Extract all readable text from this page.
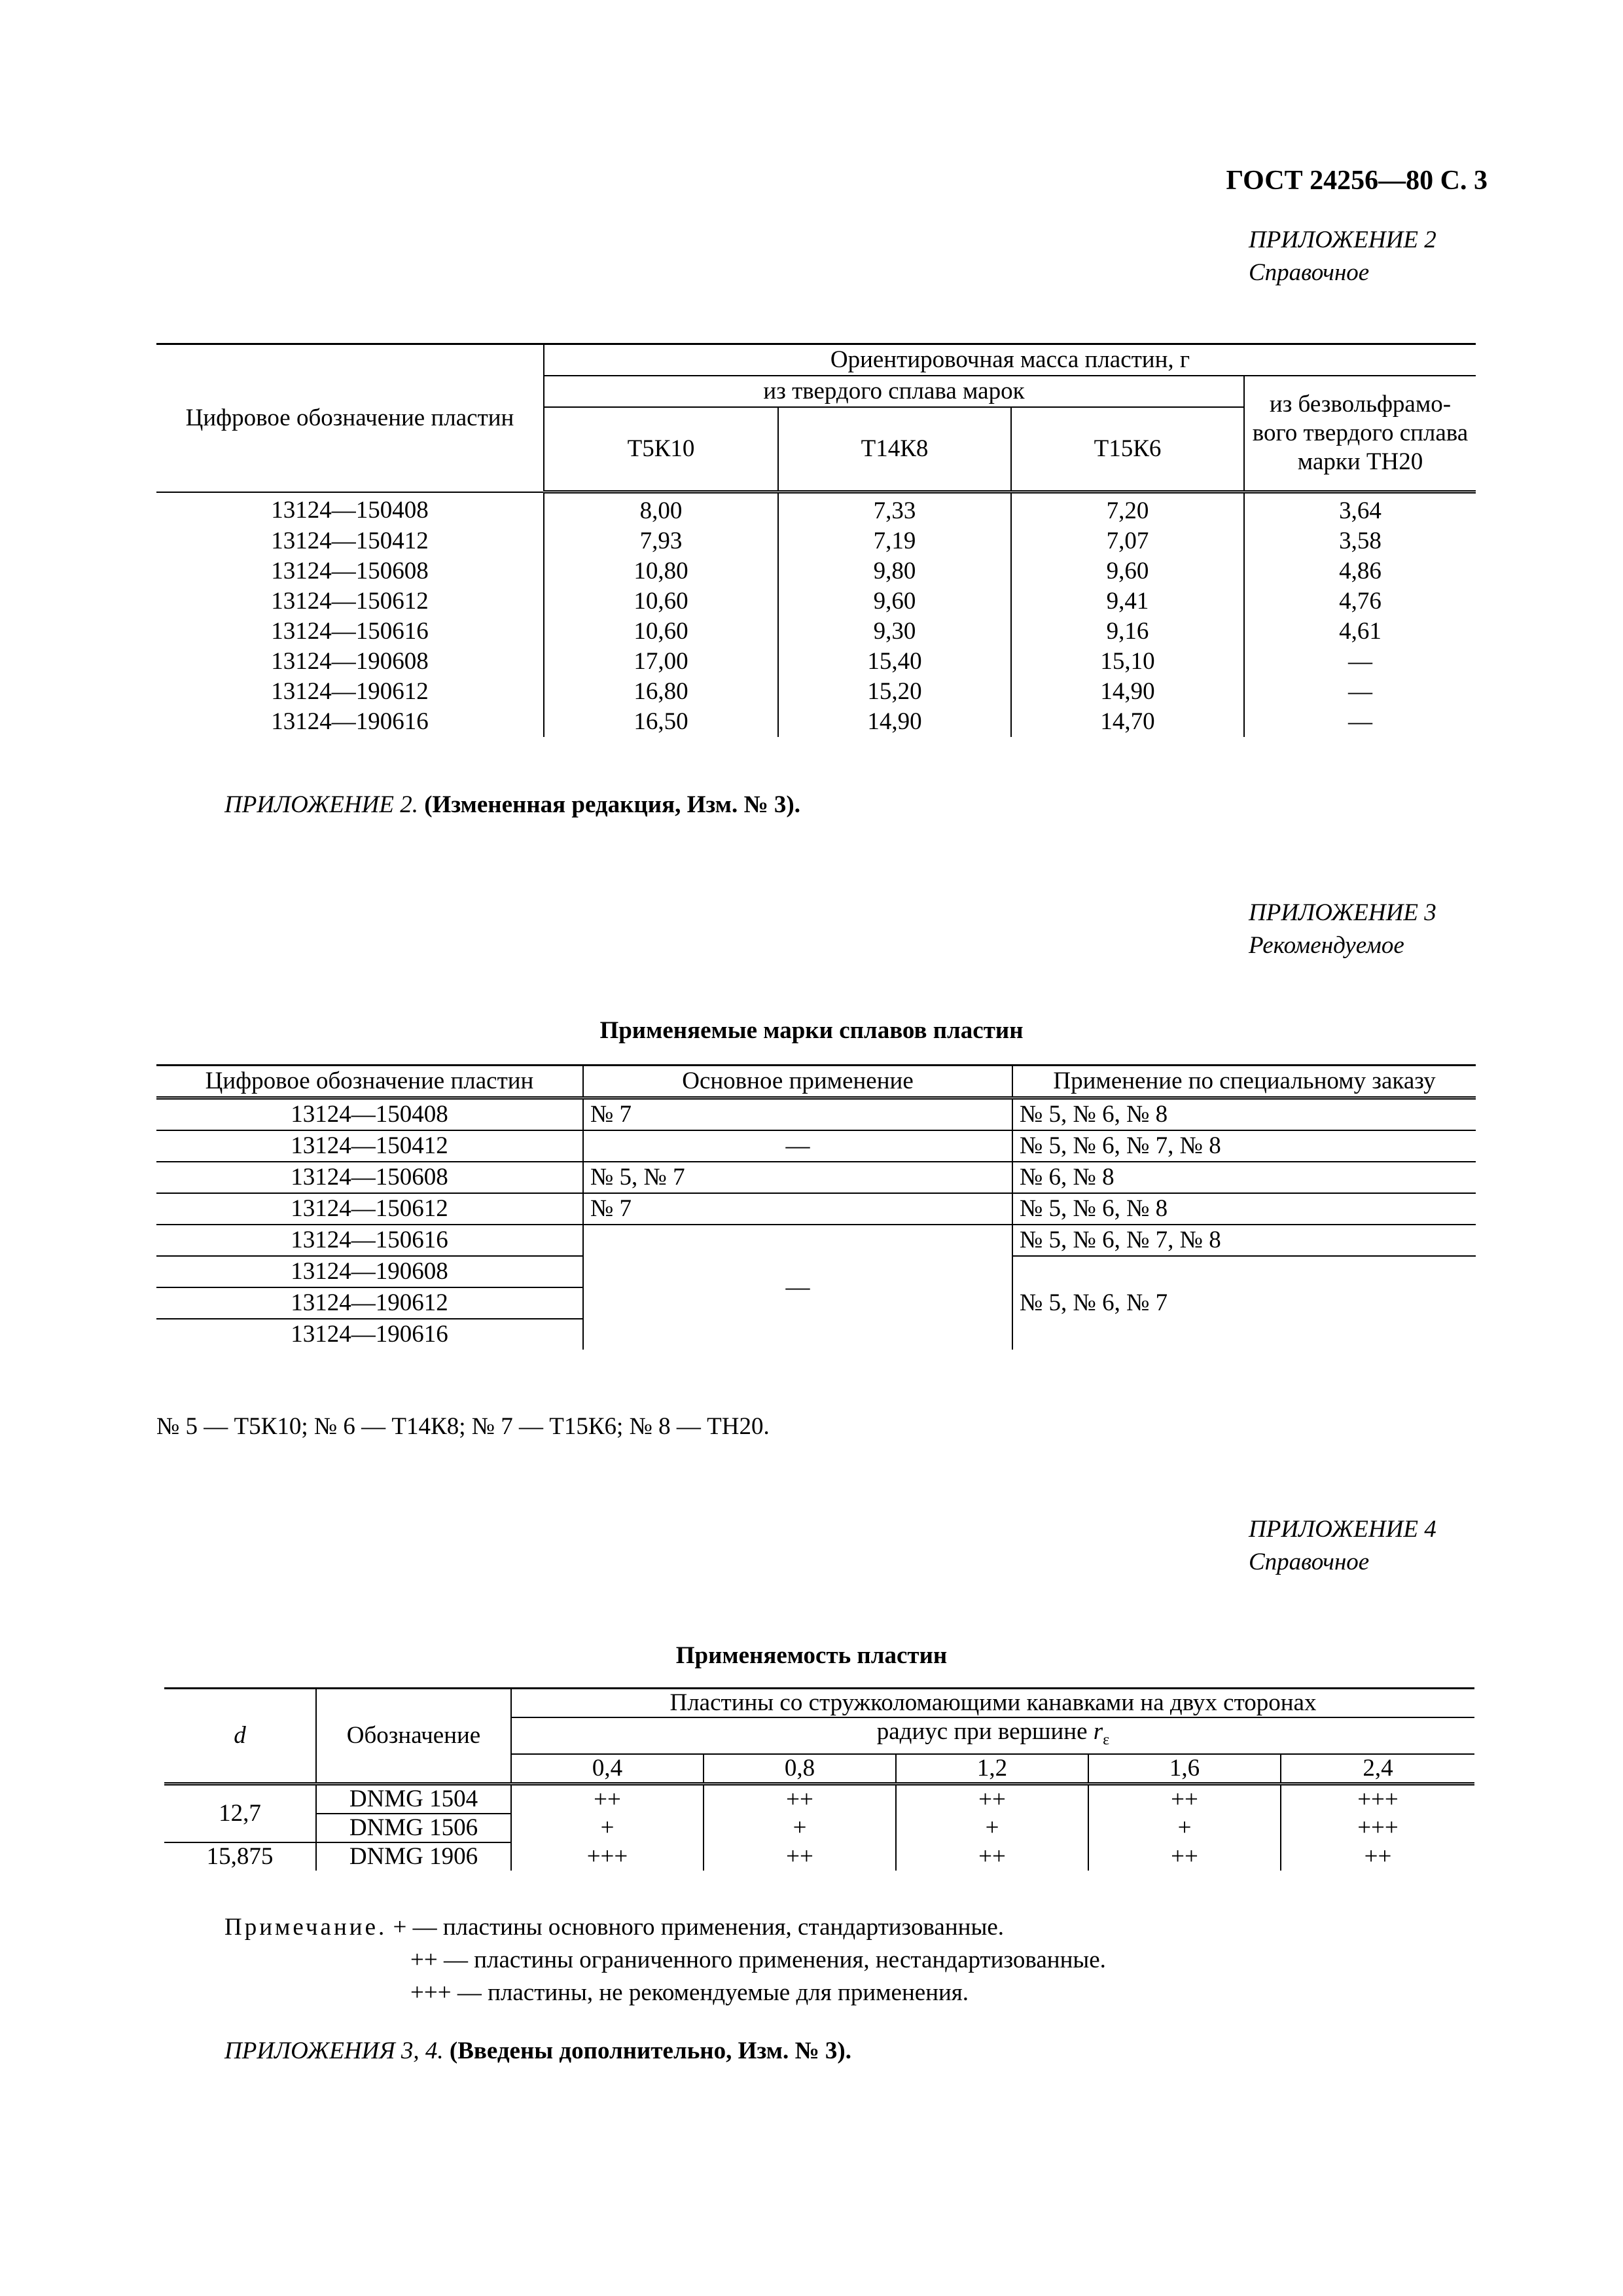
ГОСТ 24256—80 С. 3
ПРИЛОЖЕНИЕ 2
Справочное
Цифровое обозначение пластин	Ориентировочная масса пластин, г			
	из твердого сплава марок			из безвольфрамо-вого твердого сплава марки ТН20
	Т5К10	Т14К8	Т15К6	
13124—150408	8,00	7,33	7,20	3,64
13124—150412	7,93	7,19	7,07	3,58
13124—150608	10,80	9,80	9,60	4,86
13124—150612	10,60	9,60	9,41	4,76
13124—150616	10,60	9,30	9,16	4,61
13124—190608	17,00	15,40	15,10	—
13124—190612	16,80	15,20	14,90	—
13124—190616	16,50	14,90	14,70	—
ПРИЛОЖЕНИЕ 2. (Измененная редакция, Изм. № 3).
ПРИЛОЖЕНИЕ 3
Рекомендуемое
Применяемые марки сплавов пластин
Цифровое обозначение пластин	Основное применение	Применение по специальному заказу
13124—150408	№ 7	№ 5, № 6, № 8
13124—150412	—	№ 5, № 6, № 7, № 8
13124—150608	№ 5, № 7	№ 6, № 8
13124—150612	№ 7	№ 5, № 6, № 8
13124—150616	—	№ 5, № 6, № 7, № 8
13124—190608		№ 5, № 6, № 7
13124—190612		
13124—190616		
№ 5 — Т5К10; № 6 — Т14К8; № 7 — Т15К6; № 8 — ТН20.
ПРИЛОЖЕНИЕ 4
Справочное
Применяемость пластин
d	Обозначение	Пластины со стружколомающими канавками на двух сторонах				
		радиус при вершине $r_\varepsilon$
		0,4	0,8	1,2	1,6	2,4
12,7	DNMG 1504	++	++	++	++	+++
	DNMG 1506	+	+	+	+	+++
15,875	DNMG 1906	+++	++	++	++	++
Примечание. + — пластины основного применения, стандартизованные.
++ — пластины ограниченного применения, нестандартизованные.
+++ — пластины, не рекомендуемые для применения.
ПРИЛОЖЕНИЯ 3, 4. (Введены дополнительно, Изм. № 3).
